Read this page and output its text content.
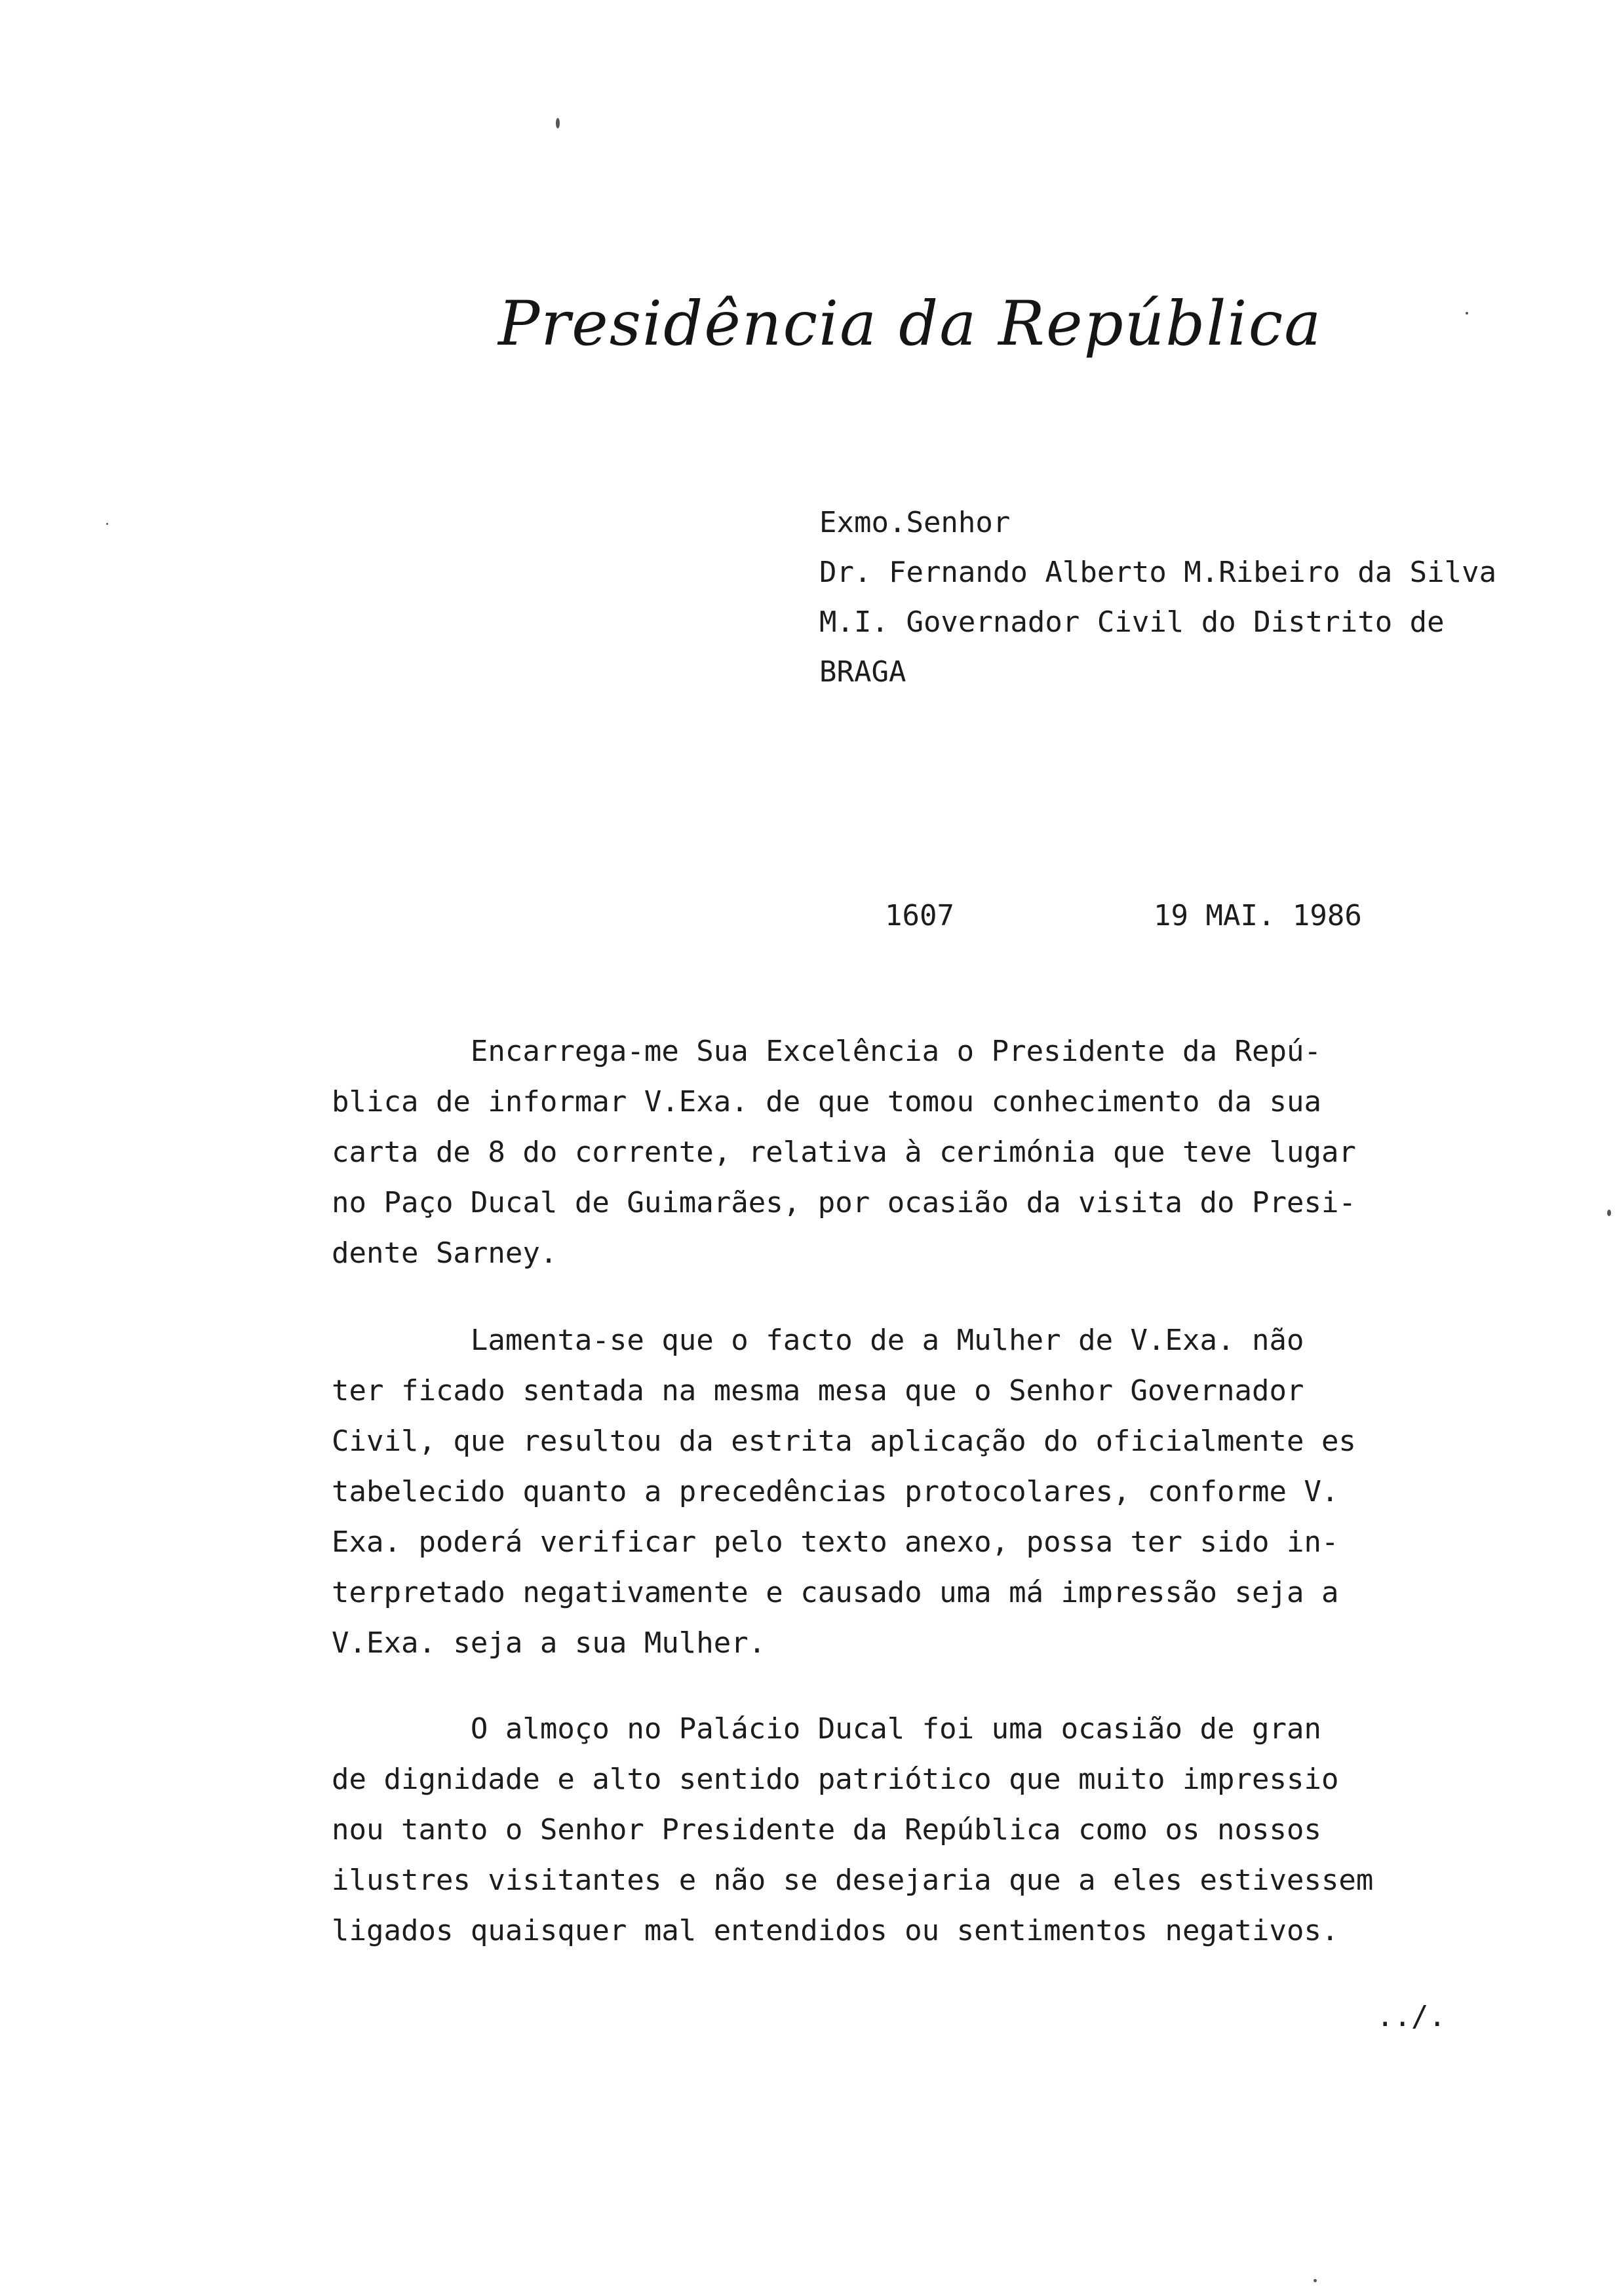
Presidência da República
Exmo.Senhor
Dr. Fernando Alberto M.Ribeiro da Silva
M.I. Governador Civil do Distrito de
BRAGA
1607	19 MAI. 1986
Encarrega-me Sua Excelência o Presidente da Repú-
blica de informar V.Exa. de que tomou conhecimento da sua
carta de 8 do corrente, relativa à cerimónia que teve lugar
no Paço Ducal de Guimarães, por ocasião da visita do Presi-
dente Sarney.
Lamenta-se que o facto de a Mulher de V.Exa. não
ter ficado sentada na mesma mesa que o Senhor Governador
Civil, que resultou da estrita aplicação do oficialmente es
tabelecido quanto a precedências protocolares, conforme V.
Exa. poderá verificar pelo texto anexo, possa ter sido in-
terpretado negativamente e causado uma má impressão seja a
V.Exa. seja a sua Mulher.
O almoço no Palácio Ducal foi uma ocasião de gran
de dignidade e alto sentido patriótico que muito impressio
nou tanto o Senhor Presidente da República como os nossos
ilustres visitantes e não se desejaria que a eles estivessem
ligados quaisquer mal entendidos ou sentimentos negativos.
../.
